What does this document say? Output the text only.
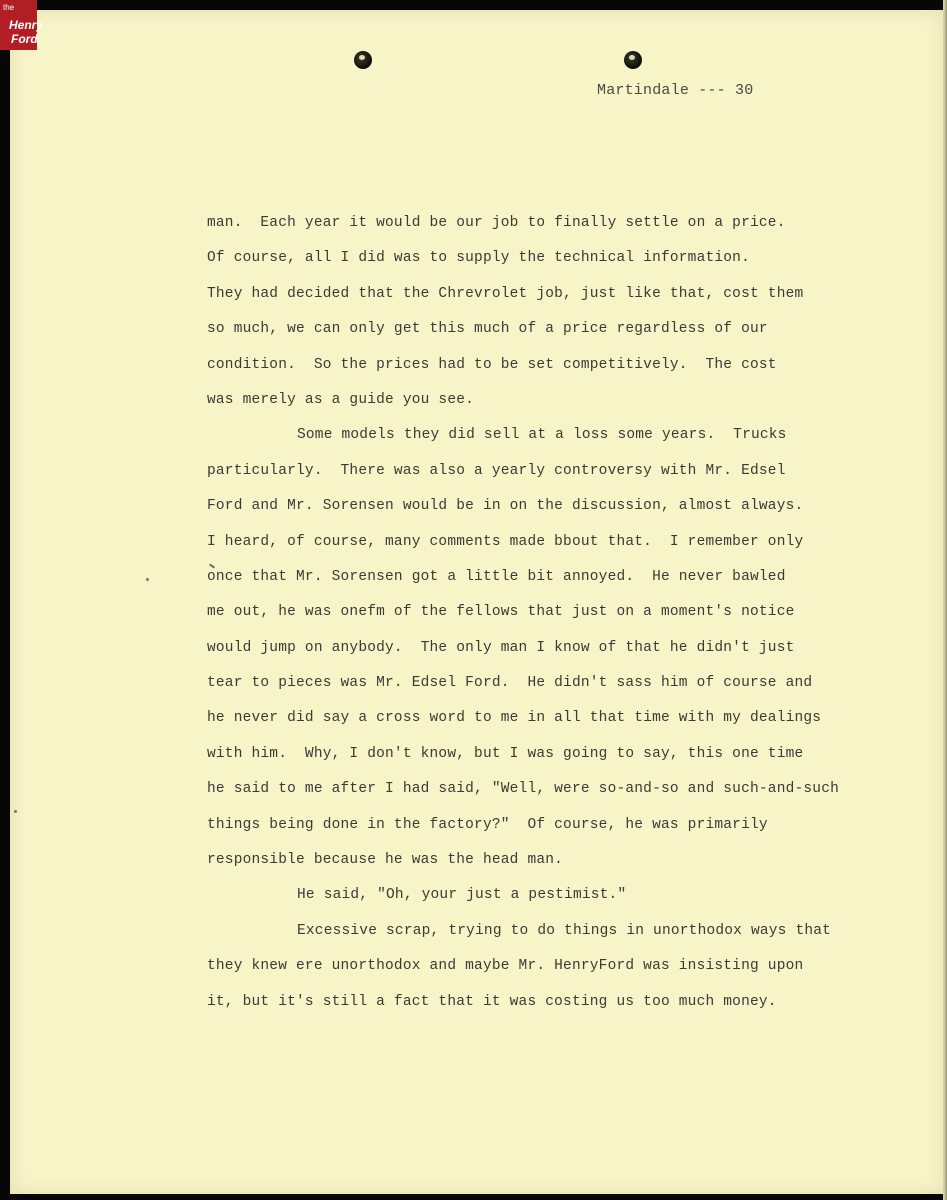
Martindale --- 30
man.  Each year it would be our job to finally settle on a price.
Of course, all I did was to supply the technical information.
They had decided that the Chrevrolet job, just like that, cost them
so much, we can only get this much of a price regardless of our
condition.  So the prices had to be set competitively.  The cost
was merely as a guide you see.
Some models they did sell at a loss some years.  Trucks
particularly.  There was also a yearly controversy with Mr. Edsel
Ford and Mr. Sorensen would be in on the discussion, almost always.
I heard, of course, many comments made bbout that.  I remember only
once that Mr. Sorensen got a little bit annoyed.  He never bawled
me out, he was onefm of the fellows that just on a moment's notice
would jump on anybody.  The only man I know of that he didn't just
tear to pieces was Mr. Edsel Ford.  He didn't sass him of course and
he never did say a cross word to me in all that time with my dealings
with him.  Why, I don't know, but I was going to say, this one time
he said to me after I had said, "Well, were so-and-so and such-and-such
things being done in the factory?"  Of course, he was primarily
responsible because he was the head man.
He said, "Oh, your just a pestimist."
Excessive scrap, trying to do things in unorthodox ways that
they knew ere unorthodox and maybe Mr. HenryFord was insisting upon
it, but it's still a fact that it was costing us too much money.
the
Henry
Ford
